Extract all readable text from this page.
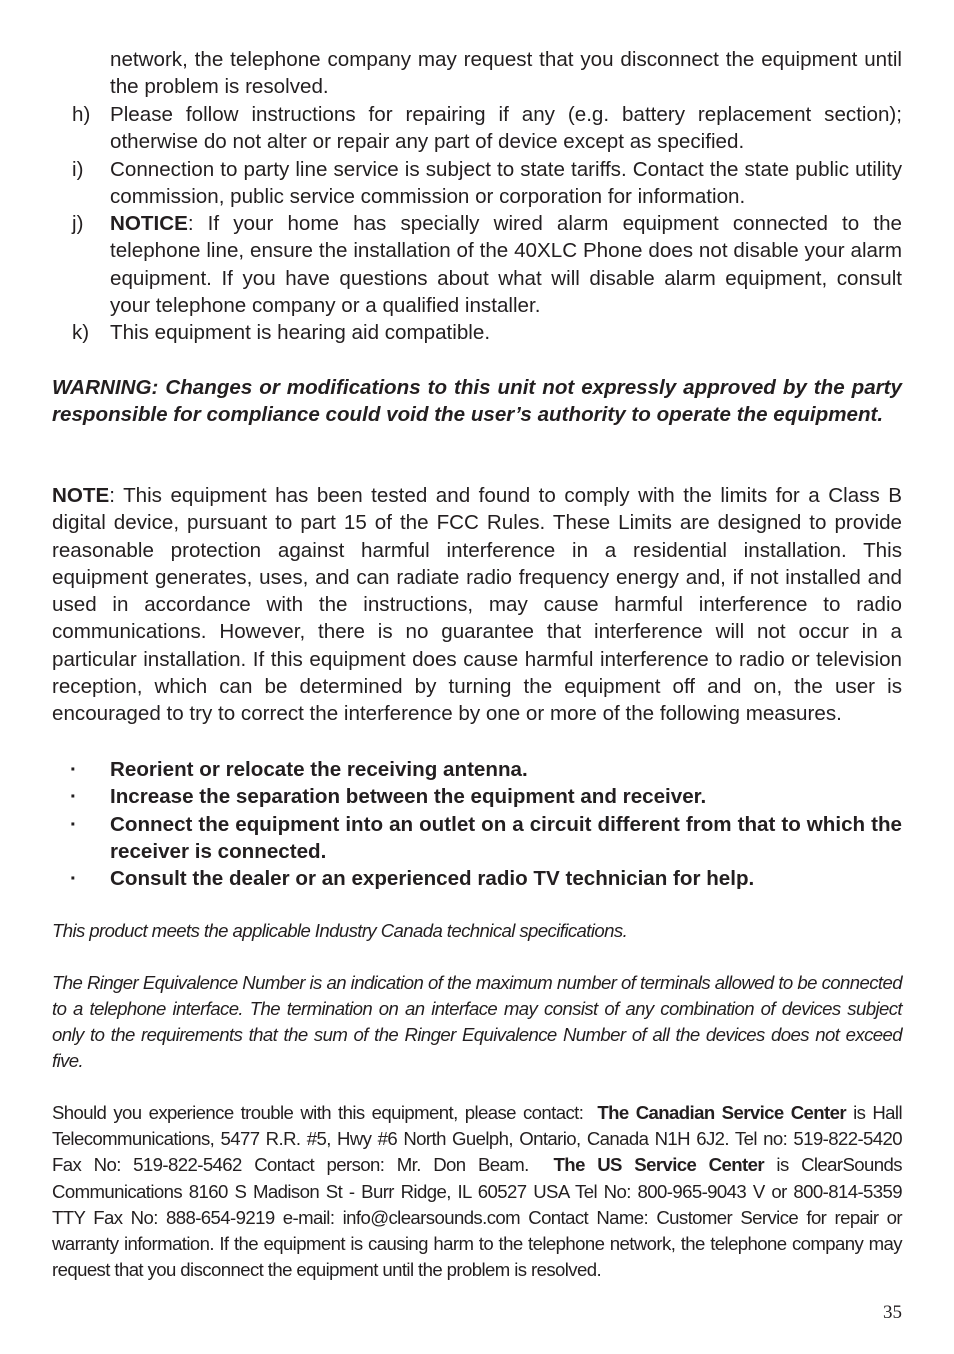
network, the telephone company may request that you disconnect the equipment until the problem is resolved.
h) Please follow instructions for repairing if any (e.g. battery replacement section); otherwise do not alter or repair any part of device except as specified.
i) Connection to party line service is subject to state tariffs. Contact the state public utility commission, public service commission or corporation for information.
j) NOTICE: If your home has specially wired alarm equipment connected to the telephone line, ensure the installation of the 40XLC Phone does not disable your alarm equipment. If you have questions about what will disable alarm equipment, consult your telephone company or a qualified installer.
k) This equipment is hearing aid compatible.
WARNING: Changes or modifications to this unit not expressly approved by the party responsible for compliance could void the user’s authority to operate the equipment.
NOTE: This equipment has been tested and found to comply with the limits for a Class B digital device, pursuant to part 15 of the FCC Rules. These Limits are designed to provide reasonable protection against harmful interference in a residential installation. This equipment generates, uses, and can radiate radio frequency energy and, if not installed and used in accordance with the instructions, may cause harmful interference to radio communications. However, there is no guarantee that interference will not occur in a particular installation. If this equipment does cause harmful interference to radio or television reception, which can be determined by turning the equipment off and on, the user is encouraged to try to correct the interference by one or more of the following measures.
· Reorient or relocate the receiving antenna.
· Increase the separation between the equipment and receiver.
· Connect the equipment into an outlet on a circuit different from that to which the receiver is connected.
· Consult the dealer or an experienced radio TV technician for help.
This product meets the applicable Industry Canada technical specifications.
The Ringer Equivalence Number is an indication of the maximum number of terminals allowed to be connected to a telephone interface. The termination on an interface may consist of any combination of devices subject only to the requirements that the sum of the Ringer Equivalence Number of all the devices does not exceed five.
Should you experience trouble with this equipment, please contact: The Canadian Service Center is Hall Telecommunications, 5477 R.R. #5, Hwy #6 North Guelph, Ontario, Canada N1H 6J2. Tel no: 519-822-5420 Fax No: 519-822-5462 Contact person: Mr. Don Beam. The US Service Center is ClearSounds Communications 8160 S Madison St - Burr Ridge, IL 60527 USA Tel No: 800-965-9043 V or 800-814-5359 TTY Fax No: 888-654-9219 e-mail: info@clearsounds.com Contact Name: Customer Service for repair or warranty information. If the equipment is causing harm to the telephone network, the telephone company may request that you disconnect the equipment until the problem is resolved.
35
